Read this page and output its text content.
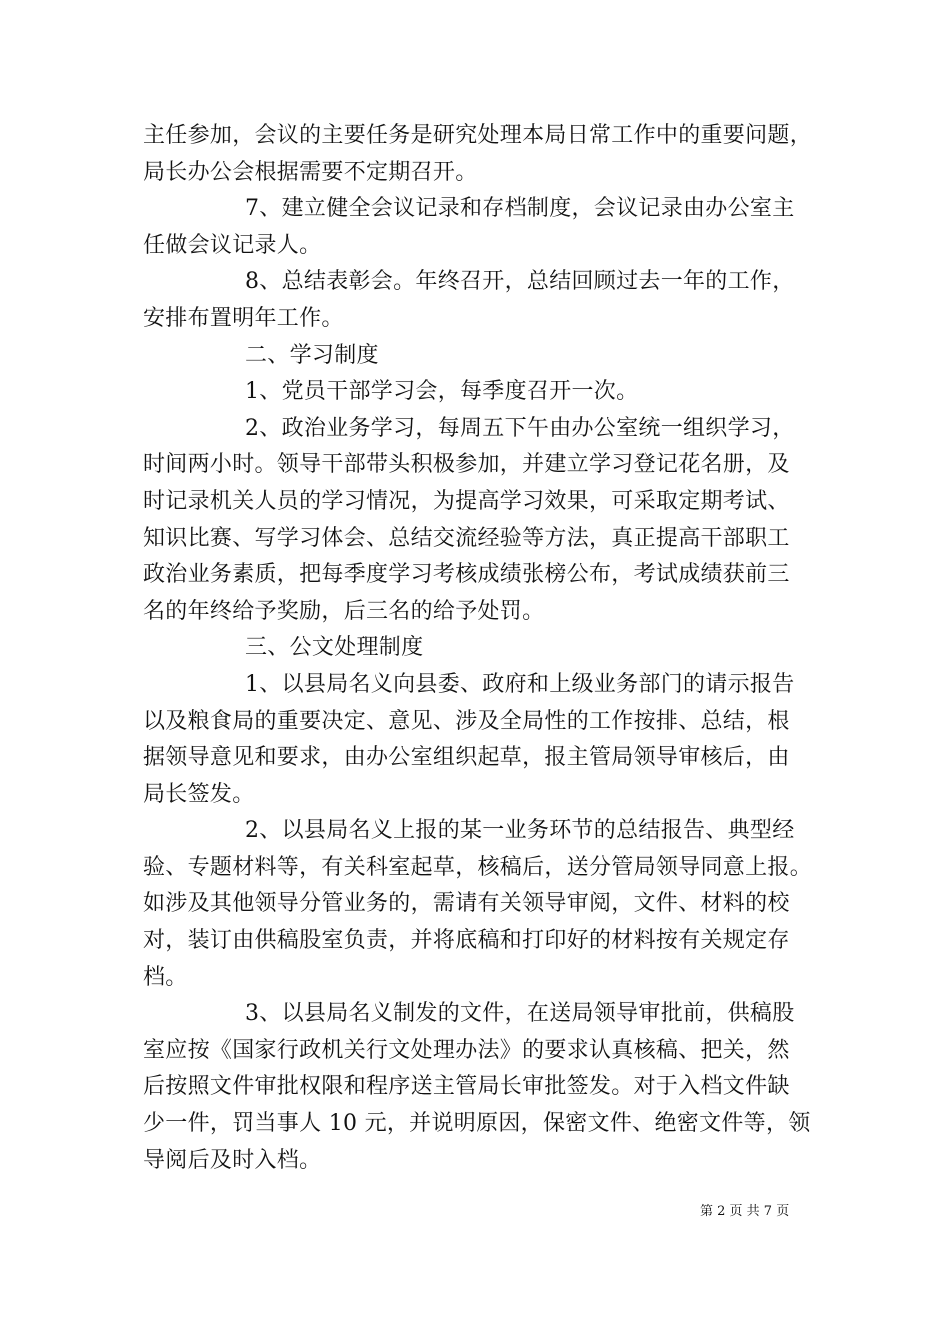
主任参加，会议的主要任务是研究处理本局日常工作中的重要问题，
局长办公会根据需要不定期召开。
7、建立健全会议记录和存档制度，会议记录由办公室主
任做会议记录人。
8、总结表彰会。年终召开，总结回顾过去一年的工作，
安排布置明年工作。
二、学习制度
1、党员干部学习会，每季度召开一次。
2、政治业务学习，每周五下午由办公室统一组织学习，
时间两小时。领导干部带头积极参加，并建立学习登记花名册，及
时记录机关人员的学习情况，为提高学习效果，可采取定期考试、
知识比赛、写学习体会、总结交流经验等方法，真正提高干部职工
政治业务素质，把每季度学习考核成绩张榜公布，考试成绩获前三
名的年终给予奖励，后三名的给予处罚。
三、公文处理制度
1、以县局名义向县委、政府和上级业务部门的请示报告
以及粮食局的重要决定、意见、涉及全局性的工作按排、总结，根
据领导意见和要求，由办公室组织起草，报主管局领导审核后，由
局长签发。
2、以县局名义上报的某一业务环节的总结报告、典型经
验、专题材料等，有关科室起草，核稿后，送分管局领导同意上报。
如涉及其他领导分管业务的，需请有关领导审阅，文件、材料的校
对，装订由供稿股室负责，并将底稿和打印好的材料按有关规定存
档。
3、以县局名义制发的文件，在送局领导审批前，供稿股
室应按《国家行政机关行文处理办法》的要求认真核稿、把关，然
后按照文件审批权限和程序送主管局长审批签发。对于入档文件缺
少一件，罚当事人 10 元，并说明原因，保密文件、绝密文件等，领
导阅后及时入档。
第 2 页 共 7 页
